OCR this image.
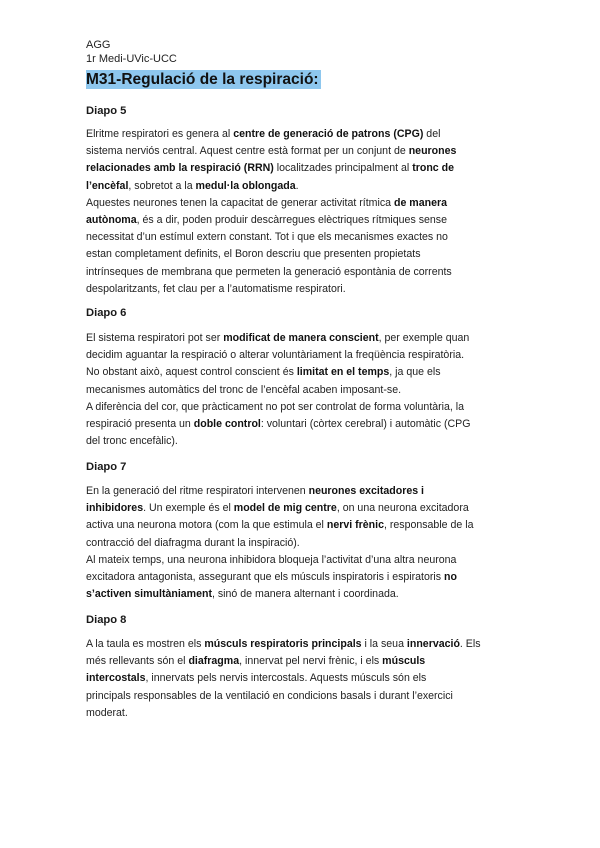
AGG
1r Medi-UVic-UCC
M31-Regulació de la respiració:
Diapo 5
Elritme respiratori es genera al centre de generació de patrons (CPG) del
sistema nerviós central. Aquest centre està format per un conjunt de neurones
relacionades amb la respiració (RRN) localitzades principalment al tronc de
l’encèfal, sobretot a la medul·la oblongada.
Aquestes neurones tenen la capacitat de generar activitat rítmica de manera
autònoma, és a dir, poden produir descàrregues elèctriques rítmiques sense
necessitat d’un estímul extern constant. Tot i que els mecanismes exactes no
estan completament definits, el Boron descriu que presenten propietats
intrínseques de membrana que permeten la generació espontània de corrents
despolaritzants, fet clau per a l’automatisme respiratori.
Diapo 6
El sistema respiratori pot ser modificat de manera conscient, per exemple quan
decidim aguantar la respiració o alterar voluntàriament la freqüència respiratòria.
No obstant això, aquest control conscient és limitat en el temps, ja que els
mecanismes automàtics del tronc de l’encèfal acaben imposant-se.
A diferència del cor, que pràcticament no pot ser controlat de forma voluntària, la
respiració presenta un doble control: voluntari (còrtex cerebral) i automàtic (CPG
del tronc encefàlic).
Diapo 7
En la generació del ritme respiratori intervenen neurones excitadores i
inhibidores. Un exemple és el model de mig centre, on una neurona excitadora
activa una neurona motora (com la que estimula el nervi frènic, responsable de la
contracció del diafragma durant la inspiració).
Al mateix temps, una neurona inhibidora bloqueja l’activitat d’una altra neurona
excitadora antagonista, assegurant que els músculs inspiratoris i espiratoris no
s’activen simultàniament, sinó de manera alternant i coordinada.
Diapo 8
A la taula es mostren els músculs respiratoris principals i la seua innervació. Els
més rellevants són el diafragma, innervat pel nervi frènic, i els músculs
intercostals, innervats pels nervis intercostals. Aquests músculs són els
principals responsables de la ventilació en condicions basals i durant l’exercici
moderat.
